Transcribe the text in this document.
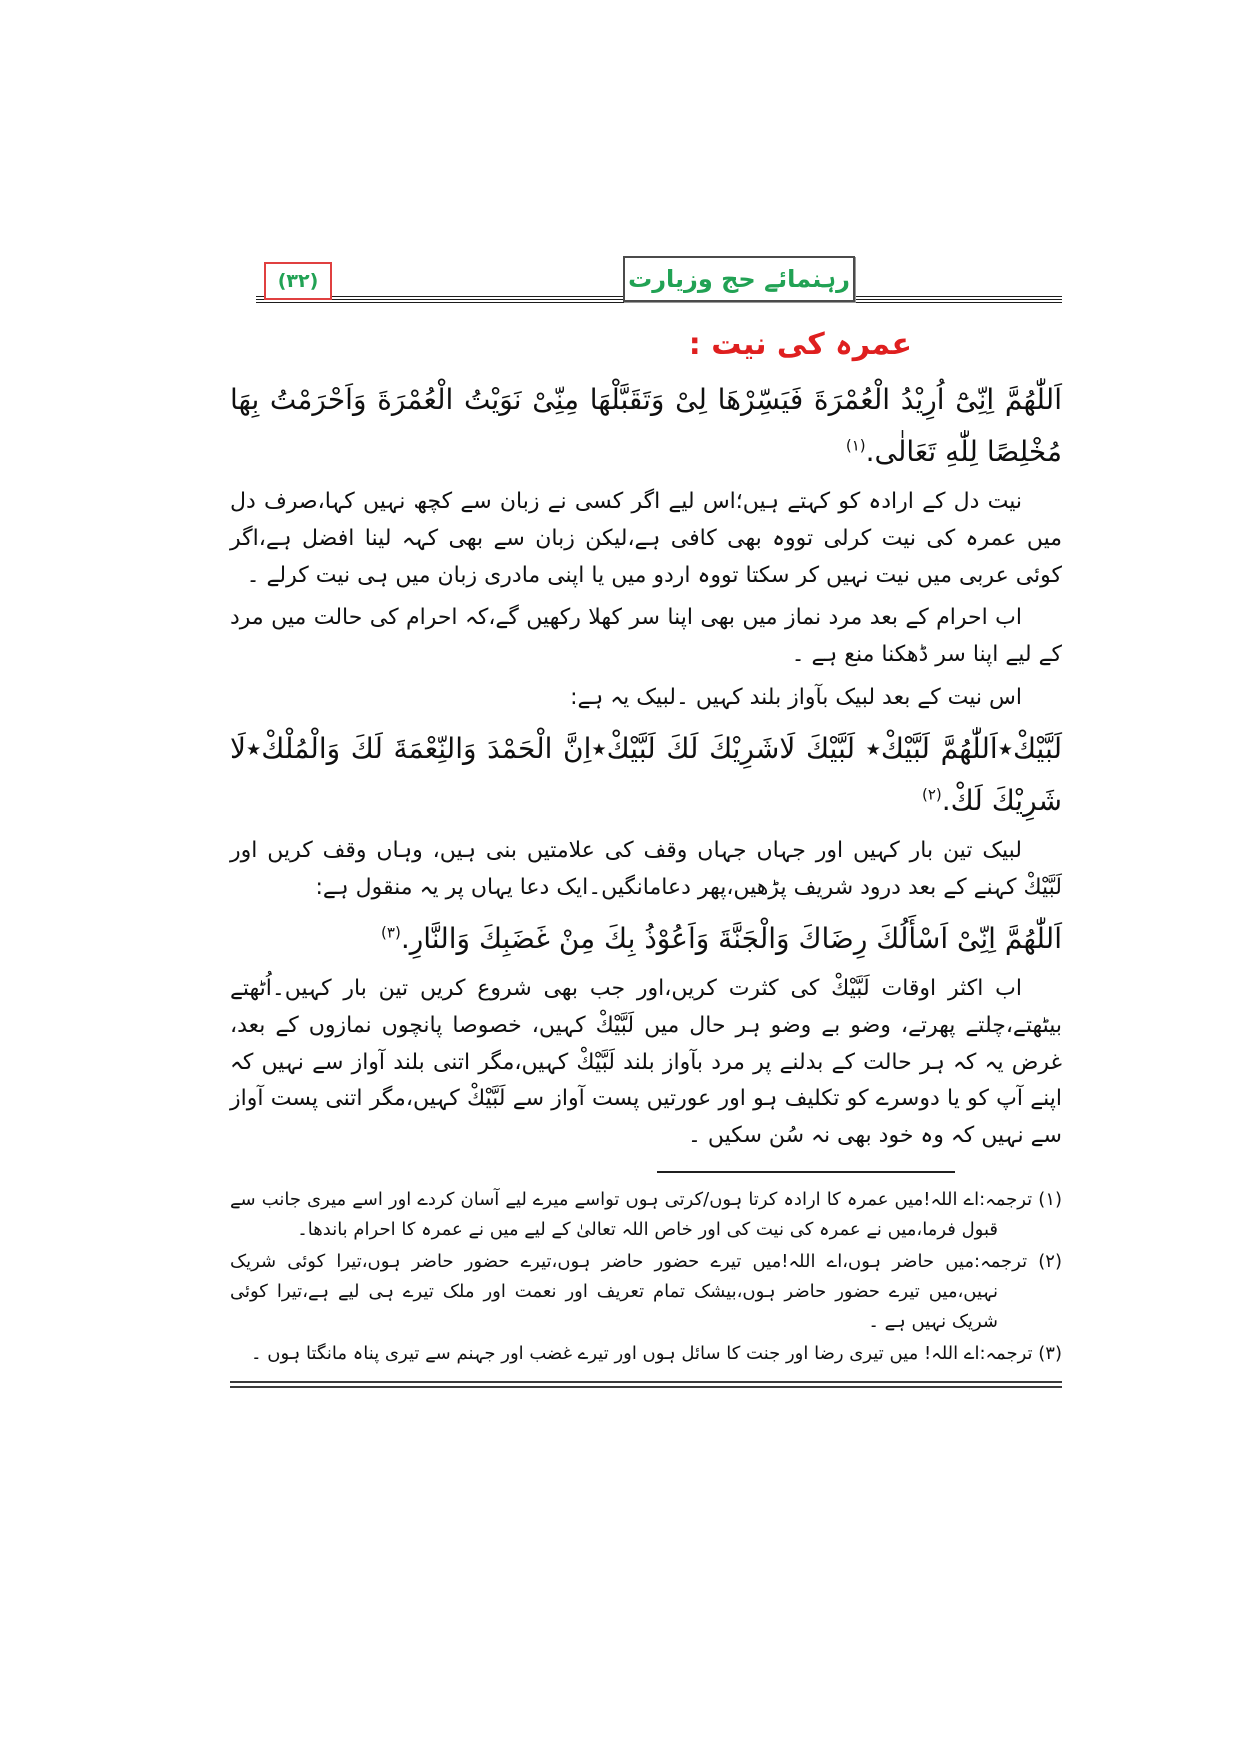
(۳۲)	رہنمائے حج وزیارت
عمرہ کی نیت :
اَللّٰهُمَّ اِنِّیْٓ اُرِیْدُ الْعُمْرَةَ فَیَسِّرْهَا لِیْ وَتَقَبَّلْهَا مِنِّیْ نَوَیْتُ الْعُمْرَةَ وَاَحْرَمْتُ بِهَا مُخْلِصًا لِلّٰهِ تَعَالٰی.$^{(۱)}$

نیت دل کے ارادہ کو کہتے ہیں؛اس لیے اگر کسی نے زبان سے کچھ نہیں کہا،صرف دل میں عمرہ کی نیت کرلی تووہ بھی کافی ہے،لیکن زبان سے بھی کہہ لینا افضل ہے،اگر کوئی عربی میں نیت نہیں کر سکتا تووہ اردو میں یا اپنی مادری زبان میں ہی نیت کرلے ۔

اب احرام کے بعد مرد نماز میں بھی اپنا سر کھلا رکھیں گے،کہ احرام کی حالت میں مرد کے لیے اپنا سر ڈھکنا منع ہے ۔

اس نیت کے بعد لبیک بآواز بلند کہیں ۔لبیک یہ ہے:

لَبَّیْكْ٭اَللّٰهُمَّ لَبَّیْكْ٭ لَبَّیْكَ لَاشَرِیْكَ لَكَ لَبَّیْكْ٭اِنَّ الْحَمْدَ وَالنِّعْمَةَ لَكَ وَالْمُلْكْ٭لَا شَرِیْكَ لَكْ.$^{(۲)}$

لبیک تین بار کہیں اور جہاں جہاں وقف کی علامتیں بنی ہیں، وہاں وقف کریں اور لَبَّیْكْ کہنے کے بعد درود شریف پڑھیں،پھر دعامانگیں۔ایک دعا یہاں پر یہ منقول ہے:

اَللّٰهُمَّ اِنِّیْ اَسْأَلُكَ رِضَاكَ وَالْجَنَّةَ وَاَعُوْذُ بِكَ مِنْ غَضَبِكَ وَالنَّارِ.$^{(۳)}$

اب اکثر اوقات لَبَّیْكْ کی کثرت کریں،اور جب بھی شروع کریں تین بار کہیں۔اُٹھتے بیٹھتے،چلتے پھرتے، وضو بے وضو ہر حال میں لَبَّیْكْ کہیں، خصوصا پانچوں نمازوں کے بعد، غرض یہ کہ ہر حالت کے بدلنے پر مرد بآواز بلند لَبَّیْكْ کہیں،مگر اتنی بلند آواز سے نہیں کہ اپنے آپ کو یا دوسرے کو تکلیف ہو اور عورتیں پست آواز سے لَبَّیْكْ کہیں،مگر اتنی پست آواز سے نہیں کہ وہ خود بھی نہ سُن سکیں ۔

(۱) ترجمہ:اے اللہ!میں عمرہ کا ارادہ کرتا ہوں/کرتی ہوں تواسے میرے لیے آسان کردے اور اسے میری جانب سے قبول فرما،میں نے عمرہ کی نیت کی اور خاص اللہ تعالیٰ کے لیے میں نے عمرہ کا احرام باندھا۔

(۲) ترجمہ:میں حاضر ہوں،اے اللہ!میں تیرے حضور حاضر ہوں،تیرے حضور حاضر ہوں،تیرا کوئی شریک نہیں،میں تیرے حضور حاضر ہوں،بیشک تمام تعریف اور نعمت اور ملک تیرے ہی لیے ہے،تیرا کوئی شریک نہیں ہے ۔

(۳) ترجمہ:اے اللہ! میں تیری رضا اور جنت کا سائل ہوں اور تیرے غضب اور جہنم سے تیری پناہ مانگتا ہوں ۔
